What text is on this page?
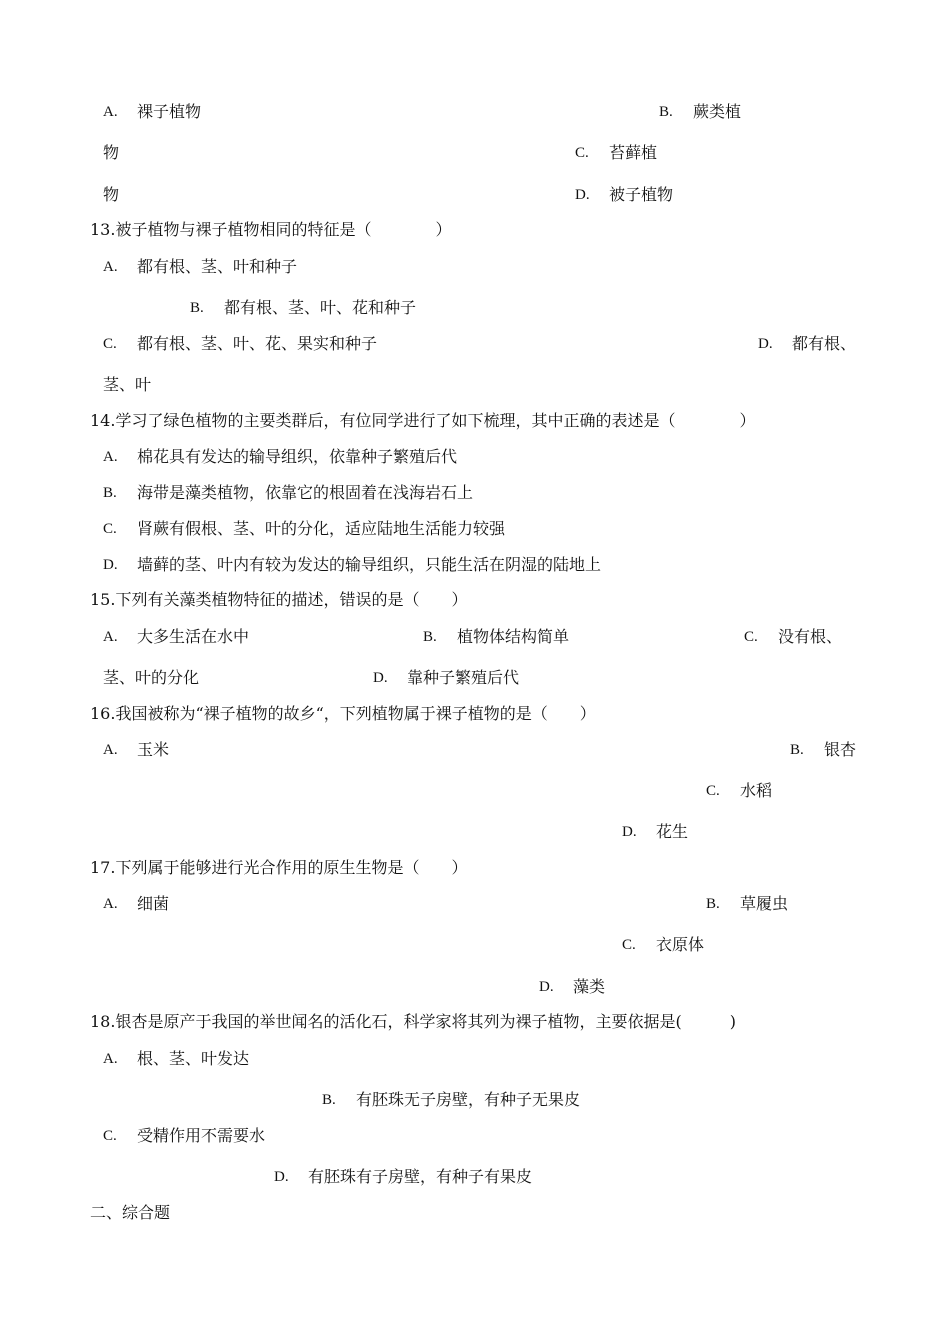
A. 裸子植物	B. 蕨类植
物	C. 苔藓植
物	D. 被子植物
13.被子植物与裸子植物相同的特征是（　　　　）
A. 都有根、茎、叶和种子
B. 都有根、茎、叶、花和种子
C. 都有根、茎、叶、花、果实和种子	D. 都有根、
茎、叶
14.学习了绿色植物的主要类群后，有位同学进行了如下梳理，其中正确的表述是（　　　　）
A. 棉花具有发达的输导组织，依靠种子繁殖后代
B. 海带是藻类植物，依靠它的根固着在浅海岩石上
C. 肾蕨有假根、茎、叶的分化，适应陆地生活能力较强
D. 墙藓的茎、叶内有较为发达的输导组织，只能生活在阴湿的陆地上
15.下列有关藻类植物特征的描述，错误的是（　　）
A. 大多生活在水中	B. 植物体结构简单	C. 没有根、
茎、叶的分化	D. 靠种子繁殖后代
16.我国被称为“裸子植物的故乡“，下列植物属于裸子植物的是（　　）
A. 玉米	B. 银杏
C. 水稻
D. 花生
17.下列属于能够进行光合作用的原生生物是（　　）
A. 细菌	B. 草履虫
C. 衣原体
D. 藻类
18.银杏是原产于我国的举世闻名的活化石，科学家将其列为裸子植物，主要依据是(　　　)
A. 根、茎、叶发达
B. 有胚珠无子房壁，有种子无果皮
C. 受精作用不需要水
D. 有胚珠有子房壁，有种子有果皮
二、综合题
